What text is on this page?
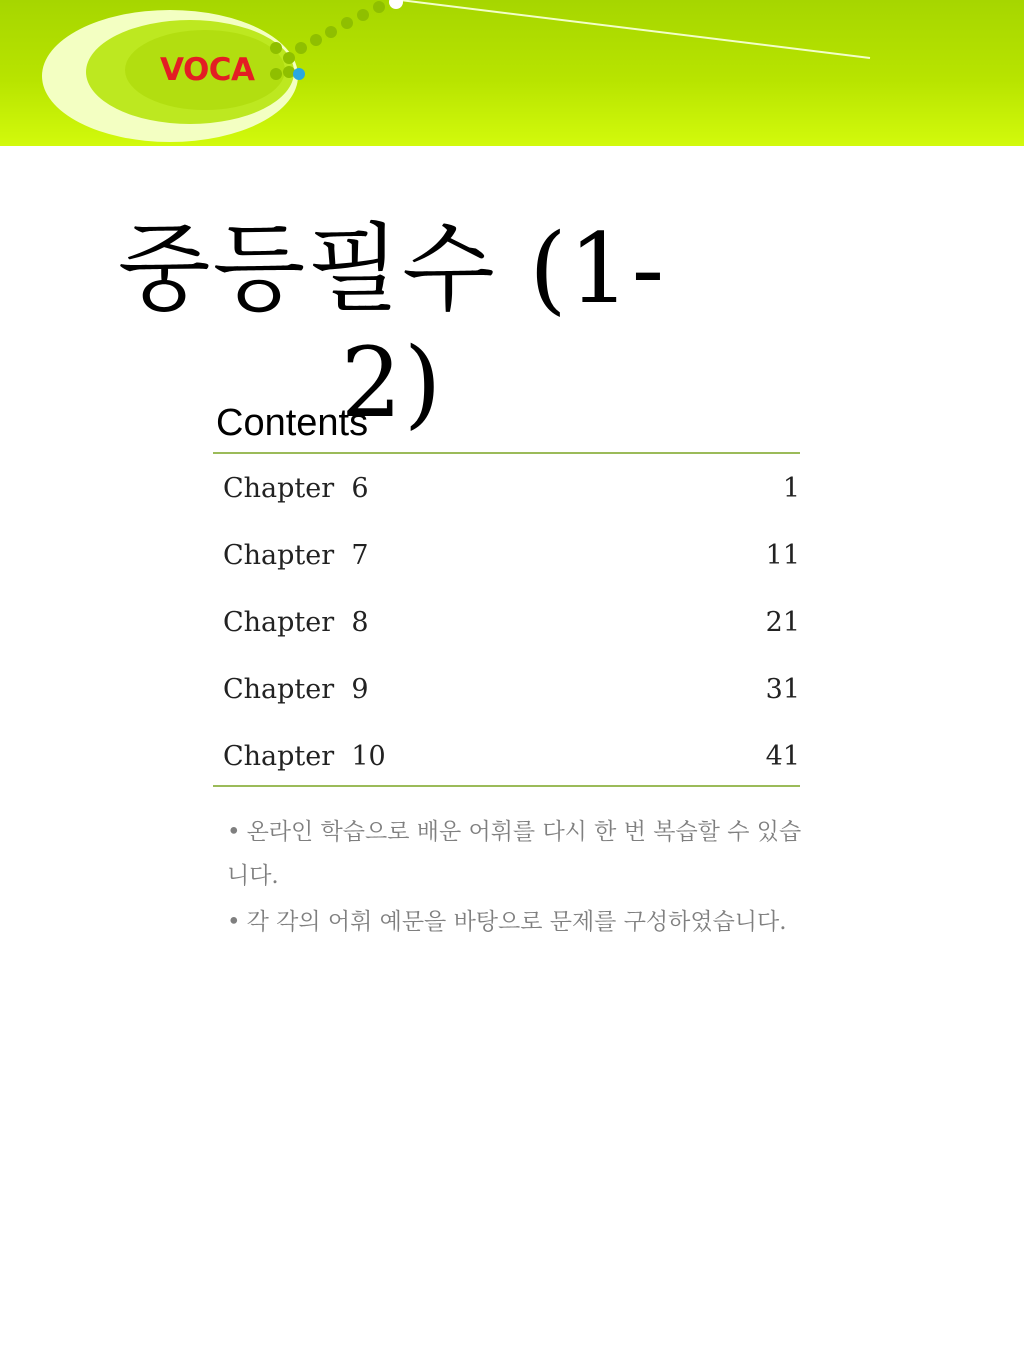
VOCA
중등필수 (1-2)
Contents
Chapter  6	1
Chapter  7	11
Chapter  8	21
Chapter  9	31
Chapter  10	41
• 온라인 학습으로 배운 어휘를 다시 한 번 복습할 수 있습니다.
• 각 각의 어휘 예문을 바탕으로 문제를 구성하였습니다.
